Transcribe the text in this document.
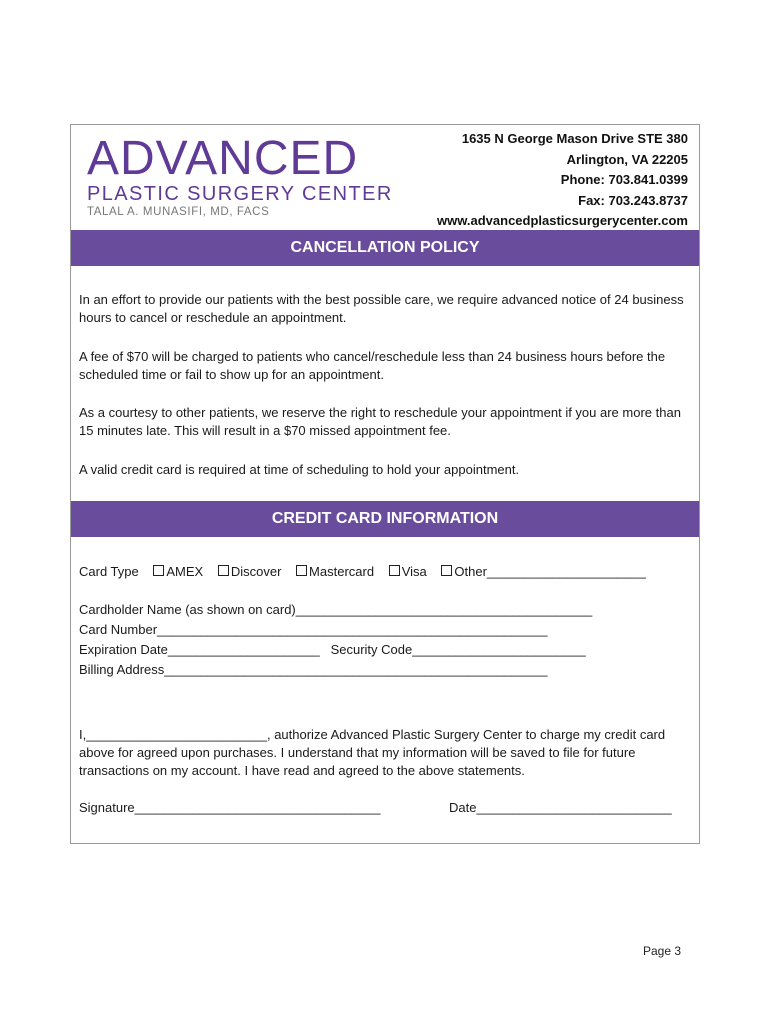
ADVANCED
PLASTIC SURGERY CENTER
TALAL A. MUNASIFI, MD, FACS
1635 N George Mason Drive STE 380
Arlington, VA 22205
Phone: 703.841.0399
Fax: 703.243.8737
www.advancedplasticsurgerycenter.com
CANCELLATION POLICY

In an effort to provide our patients with the best possible care, we require advanced notice of 24 business hours to cancel or reschedule an appointment.

A fee of $70 will be charged to patients who cancel/reschedule less than 24 business hours before the scheduled time or fail to show up for an appointment.

As a courtesy to other patients, we reserve the right to reschedule your appointment if you are more than 15 minutes late. This will result in a $70 missed appointment fee.

A valid credit card is required at time of scheduling to hold your appointment.

CREDIT CARD INFORMATION
Card Type AMEX Discover Mastercard Visa Other______________________
Cardholder Name (as shown on card)_________________________________________
Card Number______________________________________________________
Expiration Date_____________________ Security Code________________________
Billing Address_____________________________________________________

I,_________________________, authorize Advanced Plastic Surgery Center to charge my credit card above for agreed upon purchases. I understand that my information will be saved to file for future transactions on my account. I have read and agreed to the above statements.

Signature__________________________________	Date___________________________
Page 3
